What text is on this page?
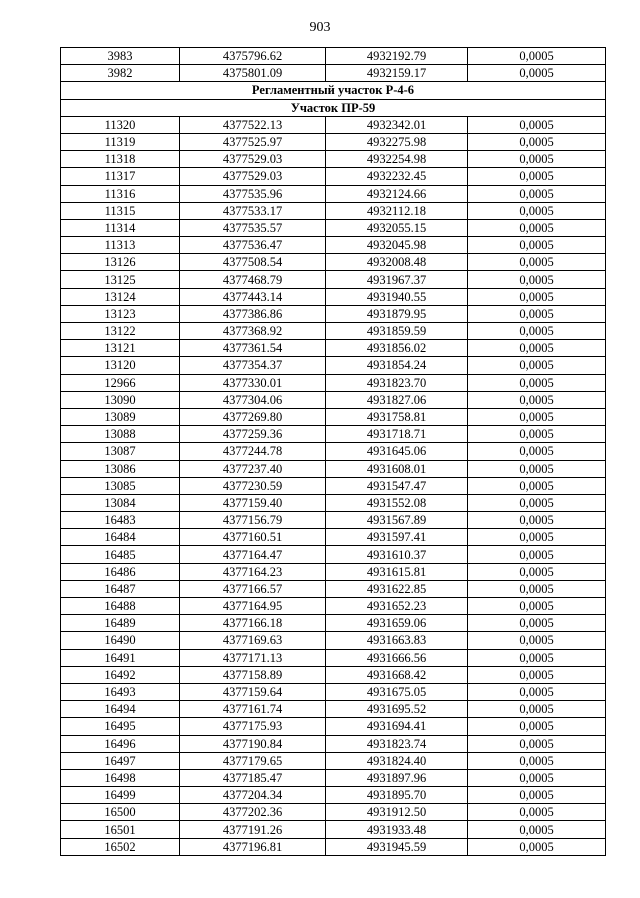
903
3983	4375796.62	4932192.79	0,0005
3982	4375801.09	4932159.17	0,0005
Регламентный участок Р-4-6			
Участок ПР-59			
11320	4377522.13	4932342.01	0,0005
11319	4377525.97	4932275.98	0,0005
11318	4377529.03	4932254.98	0,0005
11317	4377529.03	4932232.45	0,0005
11316	4377535.96	4932124.66	0,0005
11315	4377533.17	4932112.18	0,0005
11314	4377535.57	4932055.15	0,0005
11313	4377536.47	4932045.98	0,0005
13126	4377508.54	4932008.48	0,0005
13125	4377468.79	4931967.37	0,0005
13124	4377443.14	4931940.55	0,0005
13123	4377386.86	4931879.95	0,0005
13122	4377368.92	4931859.59	0,0005
13121	4377361.54	4931856.02	0,0005
13120	4377354.37	4931854.24	0,0005
12966	4377330.01	4931823.70	0,0005
13090	4377304.06	4931827.06	0,0005
13089	4377269.80	4931758.81	0,0005
13088	4377259.36	4931718.71	0,0005
13087	4377244.78	4931645.06	0,0005
13086	4377237.40	4931608.01	0,0005
13085	4377230.59	4931547.47	0,0005
13084	4377159.40	4931552.08	0,0005
16483	4377156.79	4931567.89	0,0005
16484	4377160.51	4931597.41	0,0005
16485	4377164.47	4931610.37	0,0005
16486	4377164.23	4931615.81	0,0005
16487	4377166.57	4931622.85	0,0005
16488	4377164.95	4931652.23	0,0005
16489	4377166.18	4931659.06	0,0005
16490	4377169.63	4931663.83	0,0005
16491	4377171.13	4931666.56	0,0005
16492	4377158.89	4931668.42	0,0005
16493	4377159.64	4931675.05	0,0005
16494	4377161.74	4931695.52	0,0005
16495	4377175.93	4931694.41	0,0005
16496	4377190.84	4931823.74	0,0005
16497	4377179.65	4931824.40	0,0005
16498	4377185.47	4931897.96	0,0005
16499	4377204.34	4931895.70	0,0005
16500	4377202.36	4931912.50	0,0005
16501	4377191.26	4931933.48	0,0005
16502	4377196.81	4931945.59	0,0005
